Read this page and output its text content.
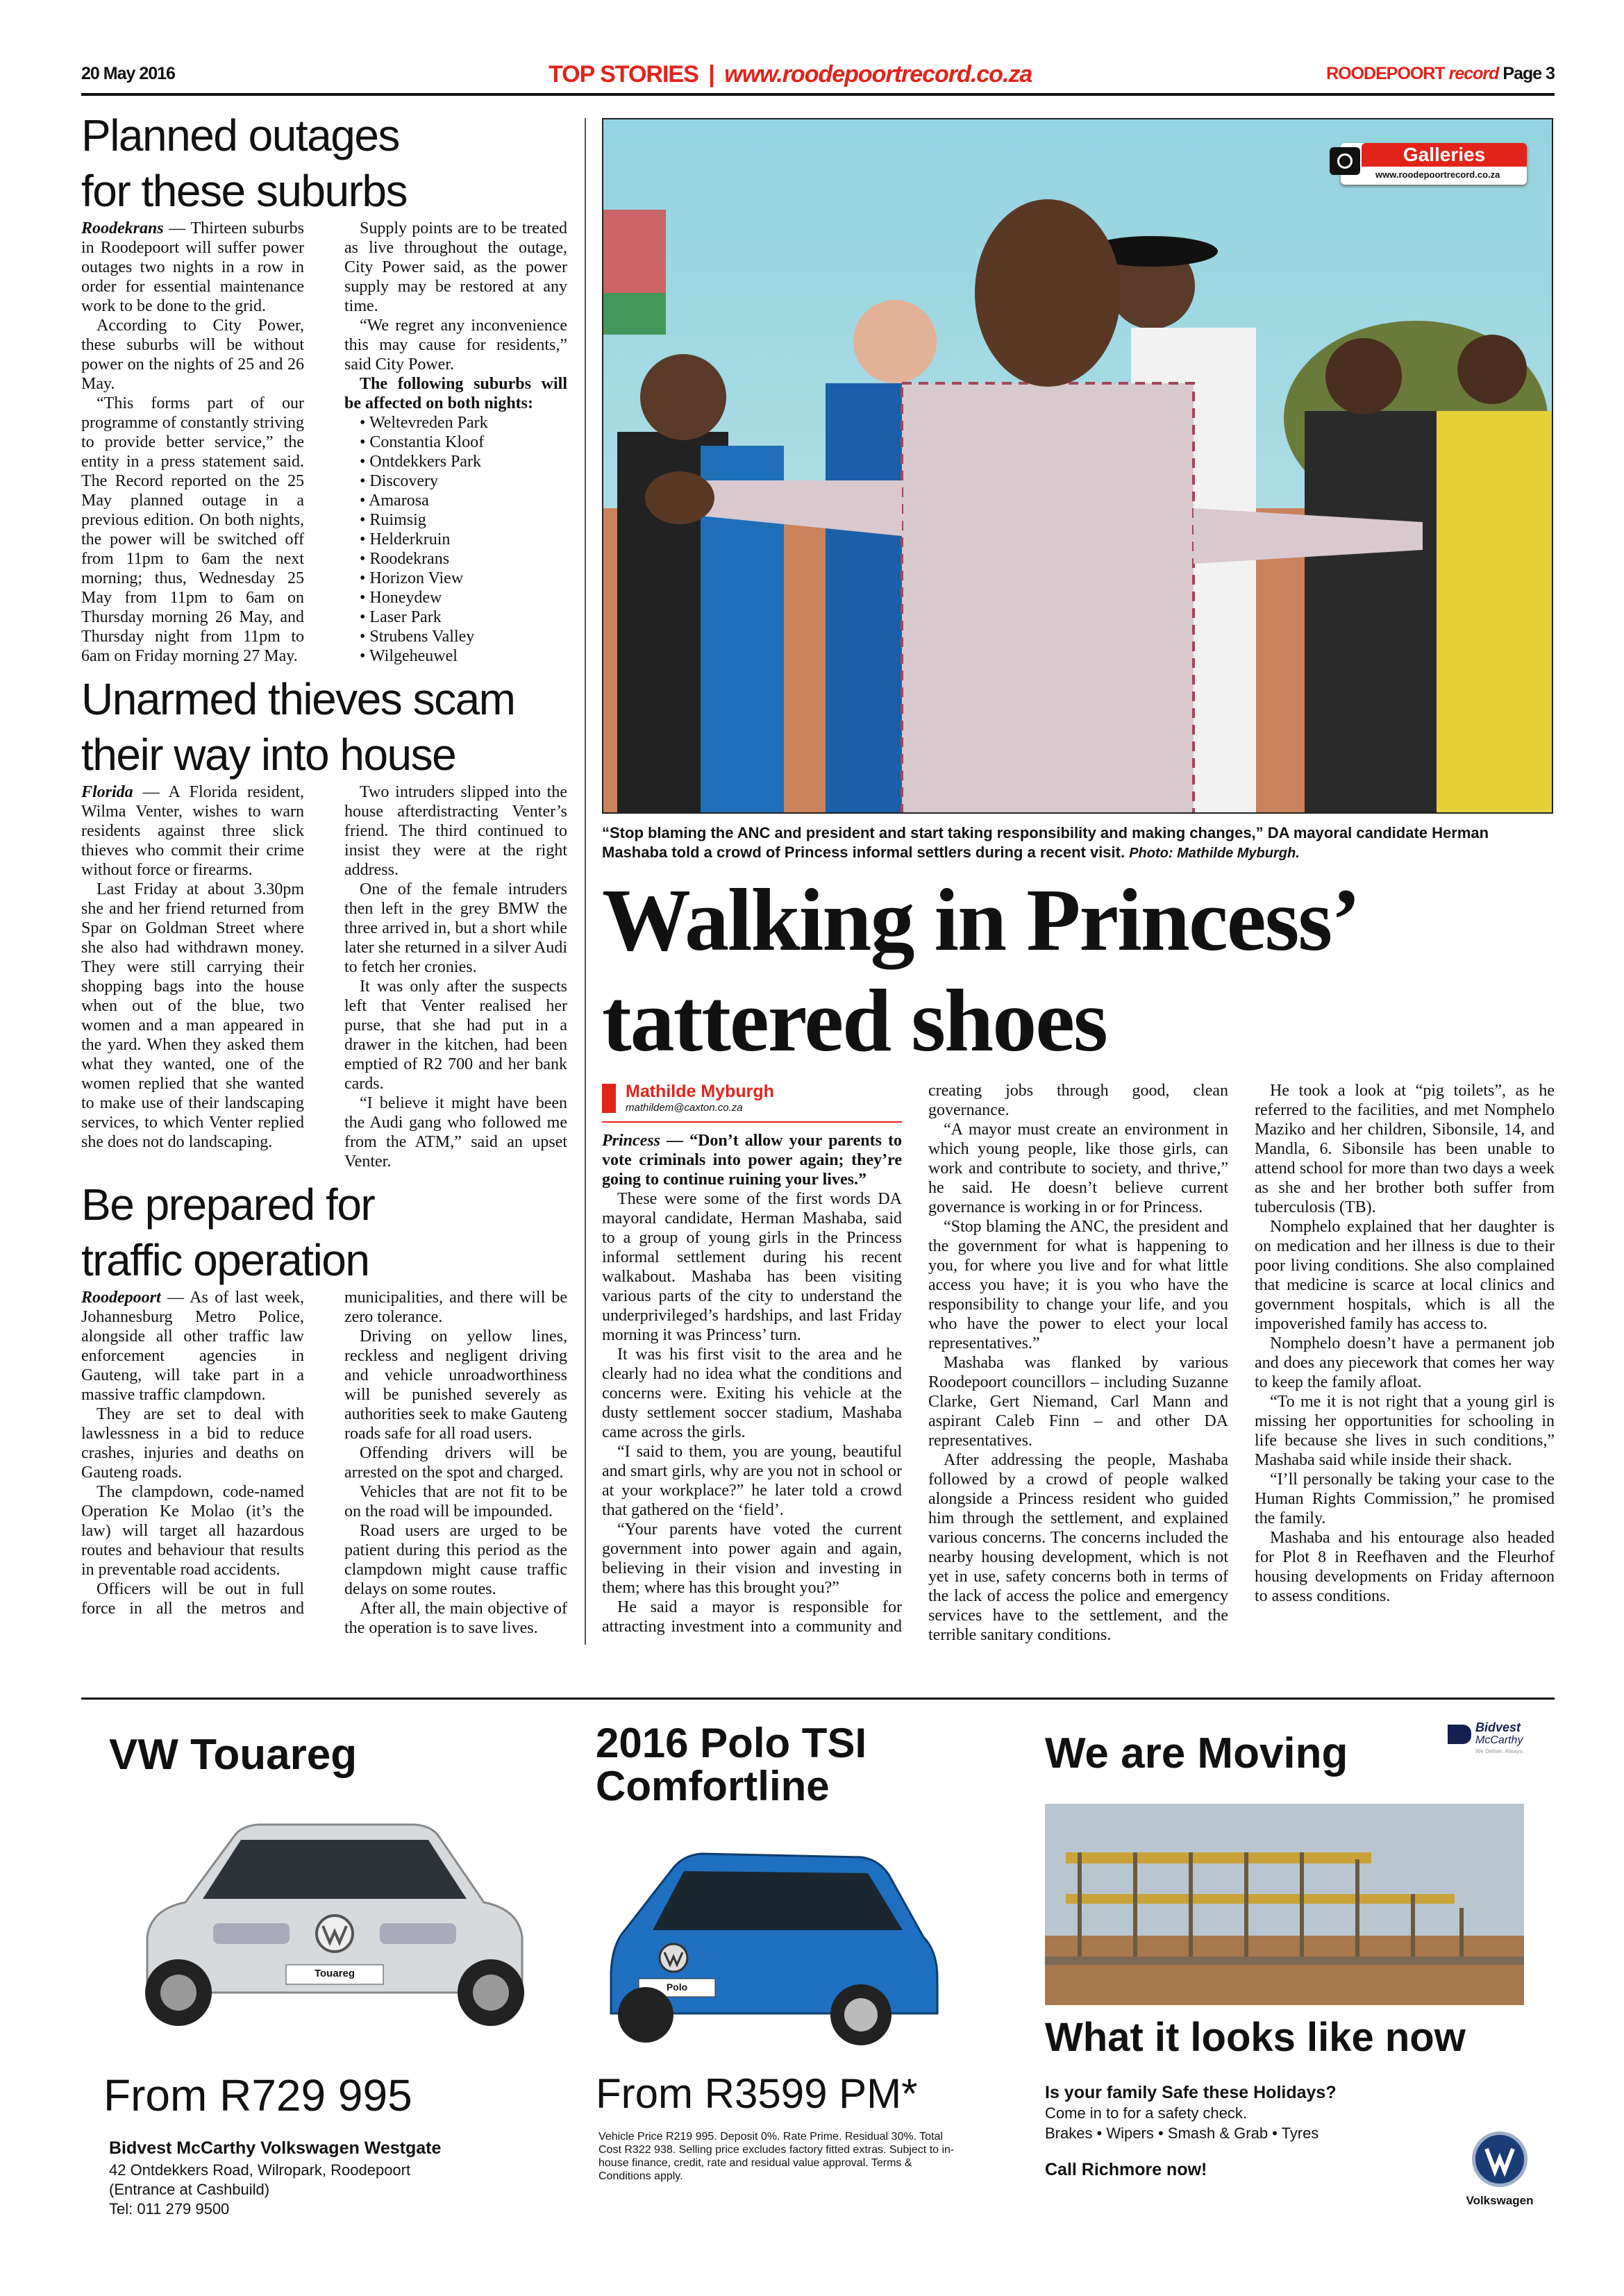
20 May 2016	TOP STORIES | www.roodepoortrecord.co.za	ROODEPOORT record Page 3
Planned outages
for these suburbs

Roodekrans — Thirteen suburbs in Roodepoort will suffer power outages two nights in a row in order for essential maintenance work to be done to the grid.

According to City Power, these suburbs will be without power on the nights of 25 and 26 May.

“This forms part of our programme of constantly striving to provide better service,” the entity in a press statement said. The Record reported on the 25 May planned outage in a previous edition. On both nights, the power will be switched off from 11pm to 6am the next morning; thus, Wednesday 25 May from 11pm to 6am on Thursday morning 26 May, and Thursday night from 11pm to 6am on Friday morning 27 May.

Supply points are to be treated as live throughout the outage, City Power said, as the power supply may be restored at any time.

“We regret any inconvenience this may cause for residents,” said City Power.

The following suburbs will be affected on both nights:

• Weltevreden Park
• Constantia Kloof
• Ontdekkers Park
• Discovery
• Amarosa
• Ruimsig
• Helderkruin
• Roodekrans
• Horizon View
• Honeydew
• Laser Park
• Strubens Valley
• Wilgeheuwel
Unarmed thieves scam
their way into house

Florida — A Florida resident, Wilma Venter, wishes to warn residents against three slick thieves who commit their crime without force or firearms.

Last Friday at about 3.30pm she and her friend returned from Spar on Goldman Street where she also had withdrawn money. They were still carrying their shopping bags into the house when out of the blue, two women and a man appeared in the yard. When they asked them what they wanted, one of the women replied that she wanted to make use of their landscaping services, to which Venter replied she does not do landscaping.

Two intruders slipped into the house afterdistracting Venter’s friend. The third continued to insist they were at the right address.

One of the female intruders then left in the grey BMW the three arrived in, but a short while later she returned in a silver Audi to fetch her cronies.

It was only after the suspects left that Venter realised her purse, that she had put in a drawer in the kitchen, had been emptied of R2 700 and her bank cards.

“I believe it might have been the Audi gang who followed me from the ATM,” said an upset Venter.

Be prepared for
traffic operation

Roodepoort — As of last week, Johannesburg Metro Police, alongside all other traffic law enforcement agencies in Gauteng, will take part in a massive traffic clampdown.

They are set to deal with lawlessness in a bid to reduce crashes, injuries and deaths on Gauteng roads.

The clampdown, code-named Operation Ke Molao (it’s the law) will target all hazardous routes and behaviour that results in preventable road accidents.

Officers will be out in full force in all the metros and municipalities, and there will be zero tolerance.

Driving on yellow lines, reckless and negligent driving and vehicle unroadworthiness will be punished severely as authorities seek to make Gauteng roads safe for all road users.

Offending drivers will be arrested on the spot and charged.

Vehicles that are not fit to be on the road will be impounded.

Road users are urged to be patient during this period as the clampdown might cause traffic delays on some routes.

After all, the main objective of the operation is to save lives.

Galleries
www.roodepoortrecord.co.za
“Stop blaming the ANC and president and start taking responsibility and making changes,” DA mayoral candidate Herman Mashaba told a crowd of Princess informal settlers during a recent visit. Photo: Mathilde Myburgh.
Walking in Princess’
tattered shoes
Mathilde Myburgh
mathildem@caxton.co.za

Princess — “Don’t allow your parents to vote criminals into power again; they’re going to continue ruining your lives.”

These were some of the first words DA mayoral candidate, Herman Mashaba, said to a group of young girls in the Princess informal settlement during his recent walkabout. Mashaba has been visiting various parts of the city to understand the underprivileged’s hardships, and last Friday morning it was Princess’ turn.

It was his first visit to the area and he clearly had no idea what the conditions and concerns were. Exiting his vehicle at the dusty settlement soccer stadium, Mashaba came across the girls.

“I said to them, you are young, beautiful and smart girls, why are you not in school or at your workplace?” he later told a crowd that gathered on the ‘field’.

“Your parents have voted the current government into power again and again, believing in their vision and investing in them; where has this brought you?”

He said a mayor is responsible for attracting investment into a community and creating jobs through good, clean governance.

“A mayor must create an environment in which young people, like those girls, can work and contribute to society, and thrive,” he said. He doesn’t believe current governance is working in or for Princess.

“Stop blaming the ANC, the president and the government for what is happening to you, for where you live and for what little access you have; it is you who have the responsibility to change your life, and you who have the power to elect your local representatives.”

Mashaba was flanked by various Roodepoort councillors – including Suzanne Clarke, Gert Niemand, Carl Mann and aspirant Caleb Finn – and other DA representatives.

After addressing the people, Mashaba followed by a crowd of people walked alongside a Princess resident who guided him through the settlement, and explained various concerns. The concerns included the nearby housing development, which is not yet in use, safety concerns both in terms of the lack of access the police and emergency services have to the settlement, and the terrible sanitary conditions.

He took a look at “pig toilets”, as he referred to the facilities, and met Nomphelo Maziko and her children, Sibonsile, 14, and Mandla, 6. Sibonsile has been unable to attend school for more than two days a week as she and her brother both suffer from tuberculosis (TB).

Nomphelo explained that her daughter is on medication and her illness is due to their poor living conditions. She also complained that medicine is scarce at local clinics and government hospitals, which is all the impoverished family has access to.

Nomphelo doesn’t have a permanent job and does any piecework that comes her way to keep the family afloat.

“To me it is not right that a young girl is missing her opportunities for schooling in life because she lives in such conditions,” Mashaba said while inside their shack.

“I’ll personally be taking your case to the Human Rights Commission,” he promised the family.

Mashaba and his entourage also headed for Plot 8 in Reefhaven and the Fleurhof housing developments on Friday afternoon to assess conditions.

VW Touareg
Touareg
From R729 995
Bidvest McCarthy Volkswagen Westgate
42 Ontdekkers Road, Wilropark, Roodepoort
(Entrance at Cashbuild)
Tel: 011 279 9500
2016 Polo TSI
Comfortline
Polo
From R3599 PM*
Vehicle Price R219 995. Deposit 0%. Rate Prime. Residual 30%. Total Cost R322 938. Selling price excludes factory fitted extras. Subject to in-house finance, credit, rate and residual value approval. Terms & Conditions apply.
We are Moving
Bidvest
McCarthy
We Deliver. Always.
What it looks like now
Is your family Safe these Holidays?
Come in to for a safety check.
Brakes • Wipers • Smash & Grab • Tyres
Call Richmore now!
Volkswagen
